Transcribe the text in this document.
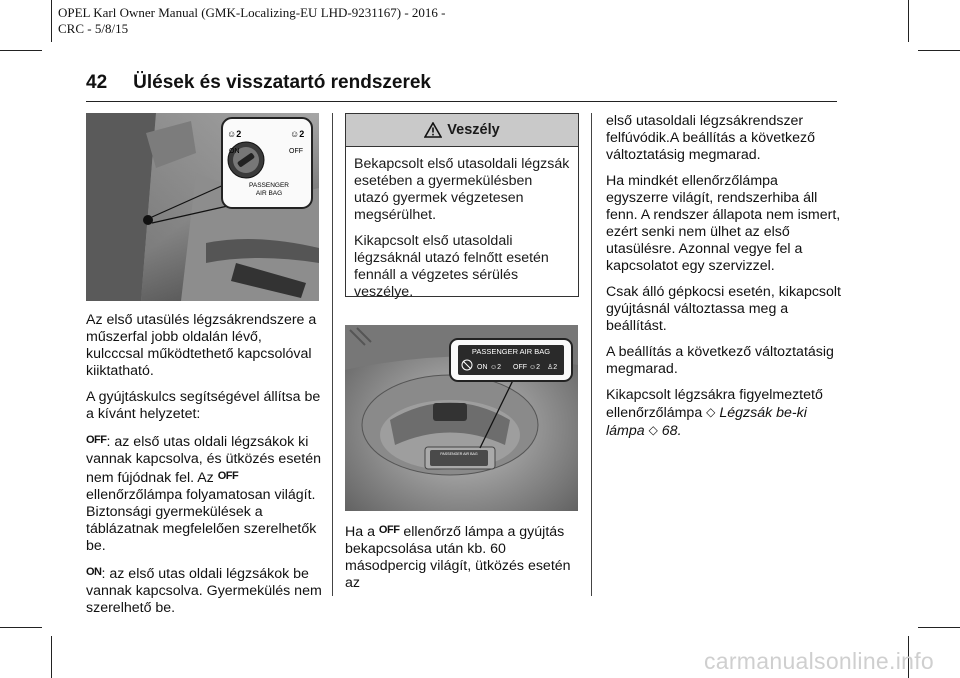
OPEL Karl Owner Manual (GMK-Localizing-EU LHD-9231167) - 2016 -
CRC - 5/8/15
42 Ülések és visszatartó rendszerek
☺2
ON
☺2
OFF
PASSENGER
AIR BAG

Az első utasülés légzsákrendszere a műszerfal jobb oldalán lévő, kulcccsal működtethető kapcsolóval kiiktatható.

A gyújtáskulcs segítségével állítsa be a kívánt helyzetet:

$^{OFF}$: az első utas oldali légzsákok ki vannak kapcsolva, és ütközés esetén nem fújódnak fel. Az $^{OFF}$ ellenőrzőlámpa folyamatosan világít. Biztonsági gyermekülések a táblázatnak megfelelően szerelhetők be.

$^{ON}$: az első utas oldali légzsákok be vannak kapcsolva. Gyermekülés nem szerelhető be.

Veszély

Bekapcsolt első utasoldali légzsák esetében a gyermekülésben utazó gyermek végzetesen megsérülhet.

Kikapcsolt első utasoldali légzsáknál utazó felnőtt esetén fennáll a végzetes sérülés veszélye.

PASSENGER AIR BAG
ON ☺2 OFF ☺2 ♙2
PASSENGER AIR BAG

Ha a $^{OFF}$ ellenőrző lámpa a gyújtás bekapcsolása után kb. 60 másodpercig világít, ütközés esetén az

első utasoldali légzsákrendszer felfúvódik.A beállítás a következő változtatásig megmarad.

Ha mindkét ellenőrzőlámpa egyszerre világít, rendszerhiba áll fenn. A rendszer állapota nem ismert, ezért senki nem ülhet az első utasülésre. Azonnal vegye fel a kapcsolatot egy szervizzel.

Csak álló gépkocsi esetén, kikapcsolt gyújtásnál változtassa meg a beállítást.

A beállítás a következő változtatásig megmarad.

Kikapcsolt légzsákra figyelmeztető ellenőrzőlámpa ◇ Légzsák be-ki lámpa ◇ 68.

carmanualsonline.info
